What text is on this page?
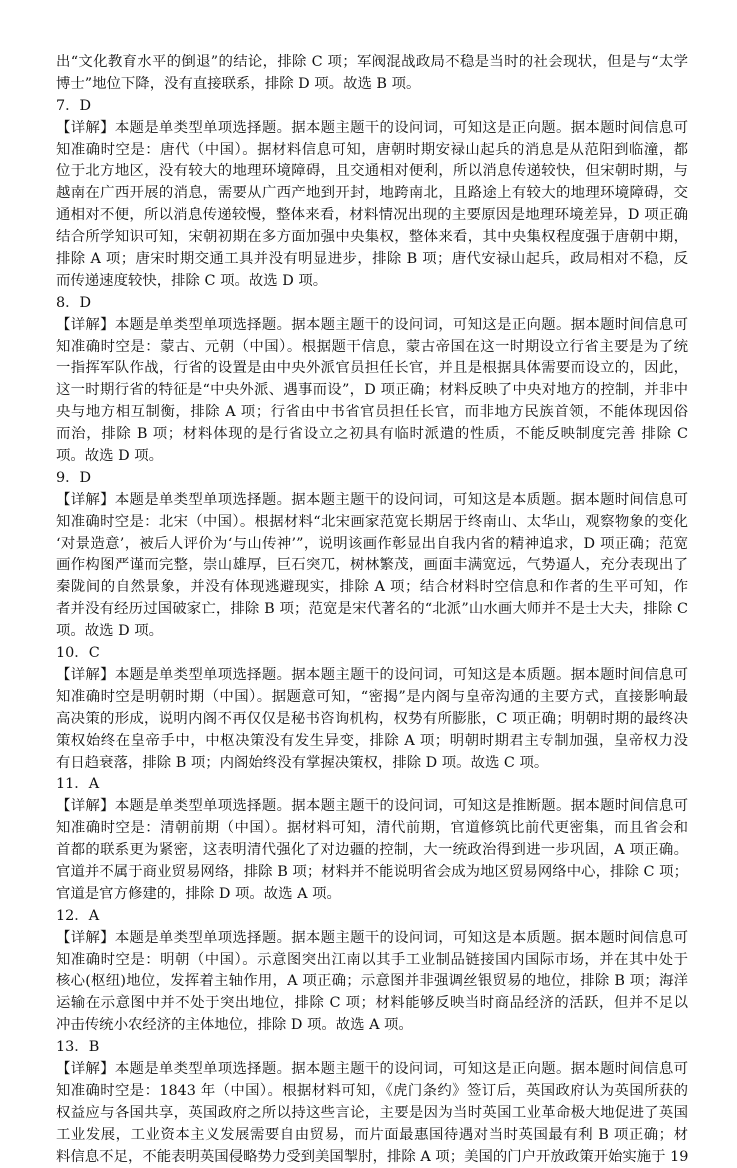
出“文化教育水平的倒退”的结论，排除 C 项；军阀混战政局不稳是当时的社会现状，但是与“太学
博士”地位下降，没有直接联系，排除 D 项。故选 B 项。
7．D
【详解】本题是单类型单项选择题。据本题主题干的设问词，可知这是正向题。据本题时间信息可
知准确时空是：唐代（中国）。据材料信息可知，唐朝时期安禄山起兵的消息是从范阳到临潼，都
位于北方地区，没有较大的地理环境障碍，且交通相对便利，所以消息传递较快，但宋朝时期，与
越南在广西开展的消息，需要从广西产地到开封，地跨南北，且路途上有较大的地理环境障碍，交
通相对不便，所以消息传递较慢，整体来看，材料情况出现的主要原因是地理环境差异，D 项正确
结合所学知识可知，宋朝初期在多方面加强中央集权，整体来看，其中央集权程度强于唐朝中期，
排除 A 项；唐宋时期交通工具并没有明显进步，排除 B 项；唐代安禄山起兵，政局相对不稳，反
而传递速度较快，排除 C 项。故选 D 项。
8．D
【详解】本题是单类型单项选择题。据本题主题干的设问词，可知这是正向题。据本题时间信息可
知准确时空是：蒙古、元朝（中国）。根据题干信息，蒙古帝国在这一时期设立行省主要是为了统
一指挥军队作战，行省的设置是由中央外派官员担任长官，并且是根据具体需要而设立的，因此，
这一时期行省的特征是“中央外派、遇事而设”，D 项正确；材料反映了中央对地方的控制，并非中
央与地方相互制衡，排除 A 项；行省由中书省官员担任长官，而非地方民族首领，不能体现因俗
而治，排除 B 项；材料体现的是行省设立之初具有临时派遣的性质，不能反映制度完善 排除 C
项。故选 D 项。
9．D
【详解】本题是单类型单项选择题。据本题主题干的设问词，可知这是本质题。据本题时间信息可
知准确时空是：北宋（中国）。根据材料“北宋画家范宽长期居于终南山、太华山，观察物象的变化
‘对景造意’，被后人评价为‘与山传神’”，说明该画作彰显出自我内省的精神追求，D 项正确；范宽
画作构图严谨而完整，崇山雄厚，巨石突兀，树林繁茂，画面丰满宽远，气势逼人，充分表现出了
秦陇间的自然景象，并没有体现逃避现实，排除 A 项；结合材料时空信息和作者的生平可知，作
者并没有经历过国破家亡，排除 B 项；范宽是宋代著名的“北派”山水画大师并不是士大夫，排除 C
项。故选 D 项。
10．C
【详解】本题是单类型单项选择题。据本题主题干的设问词，可知这是本质题。据本题时间信息可
知准确时空是明朝时期（中国）。据题意可知，“密揭”是内阁与皇帝沟通的主要方式，直接影响最
高决策的形成，说明内阁不再仅仅是秘书咨询机构，权势有所膨胀，C 项正确；明朝时期的最终决
策权始终在皇帝手中，中枢决策没有发生异变，排除 A 项；明朝时期君主专制加强，皇帝权力没
有日趋衰落，排除 B 项；内阁始终没有掌握决策权，排除 D 项。故选 C 项。
11．A
【详解】本题是单类型单项选择题。据本题主题干的设问词，可知这是推断题。据本题时间信息可
知准确时空是：清朝前期（中国）。据材料可知，清代前期，官道修筑比前代更密集，而且省会和
首都的联系更为紧密，这表明清代强化了对边疆的控制，大一统政治得到进一步巩固，A 项正确。
官道并不属于商业贸易网络，排除 B 项；材料并不能说明省会成为地区贸易网络中心，排除 C 项；
官道是官方修建的，排除 D 项。故选 A 项。
12．A
【详解】本题是单类型单项选择题。据本题主题干的设问词，可知这是本质题。据本题时间信息可
知准确时空是：明朝（中国）。示意图突出江南以其手工业制品链接国内国际市场，并在其中处于
核心(枢纽)地位，发挥着主轴作用，A 项正确；示意图并非强调丝银贸易的地位，排除 B 项；海洋
运输在示意图中并不处于突出地位，排除 C 项；材料能够反映当时商品经济的活跃，但并不足以
冲击传统小农经济的主体地位，排除 D 项。故选 A 项。
13．B
【详解】本题是单类型单项选择题。据本题主题干的设问词，可知这是正向题。据本题时间信息可
知准确时空是：1843 年（中国）。根据材料可知，《虎门条约》签订后，英国政府认为英国所获的
权益应与各国共享，英国政府之所以持这些言论，主要是因为当时英国工业革命极大地促进了英国
工业发展，工业资本主义发展需要自由贸易，而片面最惠国待遇对当时英国最有利 B 项正确；材
料信息不足，不能表明英国侵略势力受到美国掣肘，排除 A 项；美国的门户开放政策开始实施于 19
